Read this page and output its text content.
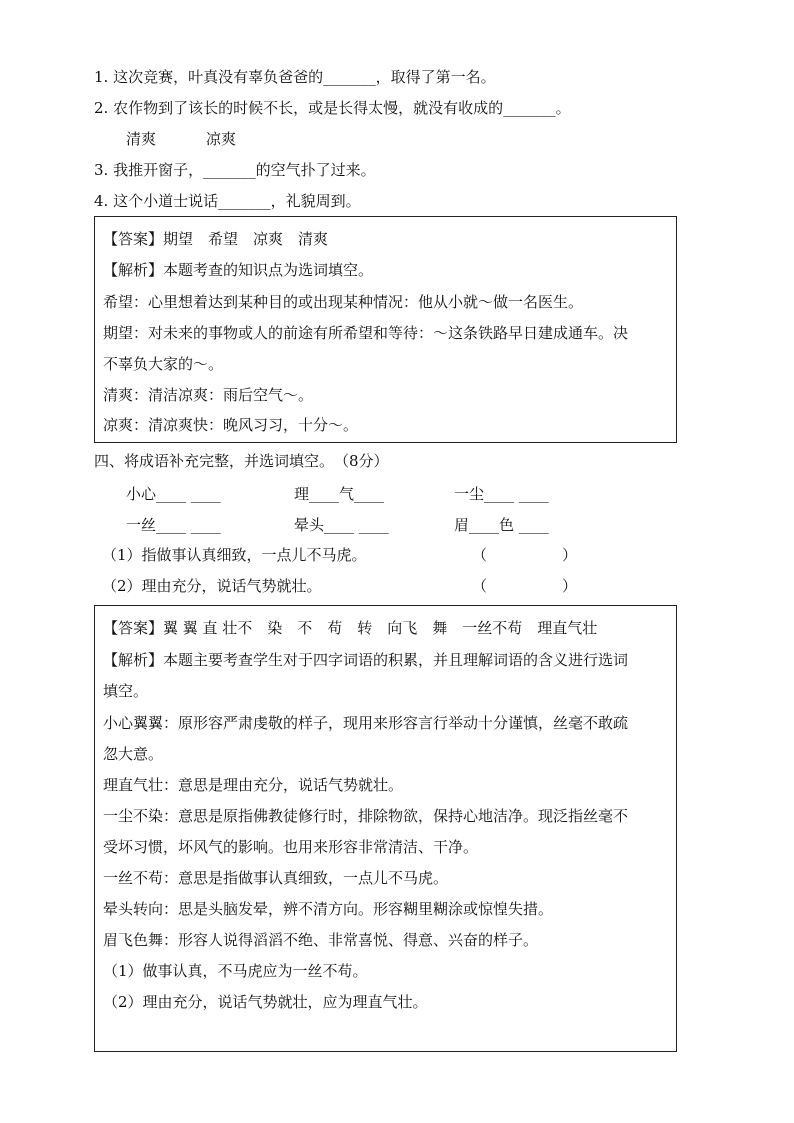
1. 这次竞赛，叶真没有辜负爸爸的_______，取得了第一名。
2. 农作物到了该长的时候不长，或是长得太慢，就没有收成的_______。
清爽	凉爽
3. 我推开窗子，_______的空气扑了过来。
4. 这个小道士说话_______，礼貌周到。
【答案】期望　希望　凉爽　清爽
【解析】本题考查的知识点为选词填空。
希望：心里想着达到某种目的或出现某种情况：他从小就～做一名医生。
期望：对未来的事物或人的前途有所希望和等待：～这条铁路早日建成通车。决
不辜负大家的～。
清爽：清洁凉爽：雨后空气～。
凉爽：清凉爽快：晚风习习，十分～。
四、将成语补充完整，并选词填空。　（8分）
小心____ ____	理____气____	一尘____ ____
一丝____ ____	晕头____ ____	眉____色 ____
（1）指做事认真细致，一点儿不马虎。	（　　　　　）
（2）理由充分，说话气势就壮。	（　　　　　）
【答案】翼 翼 直 壮不　染　不　苟　转　向飞　舞　一丝不苟　理直气壮
【解析】本题主要考查学生对于四字词语的积累，并且理解词语的含义进行选词
填空。
小心翼翼：原形容严肃虔敬的样子，现用来形容言行举动十分谨慎，丝毫不敢疏
忽大意。
理直气壮：意思是理由充分，说话气势就壮。
一尘不染：意思是原指佛教徒修行时，排除物欲，保持心地洁净。现泛指丝毫不
受坏习惯，坏风气的影响。也用来形容非常清洁、干净。
一丝不苟：意思是指做事认真细致，一点儿不马虎。
晕头转向：思是头脑发晕，辨不清方向。形容糊里糊涂或惊惶失措。
眉飞色舞：形容人说得滔滔不绝、非常喜悦、得意、兴奋的样子。
（1）做事认真，不马虎应为一丝不苟。
（2）理由充分，说话气势就壮，应为理直气壮。
